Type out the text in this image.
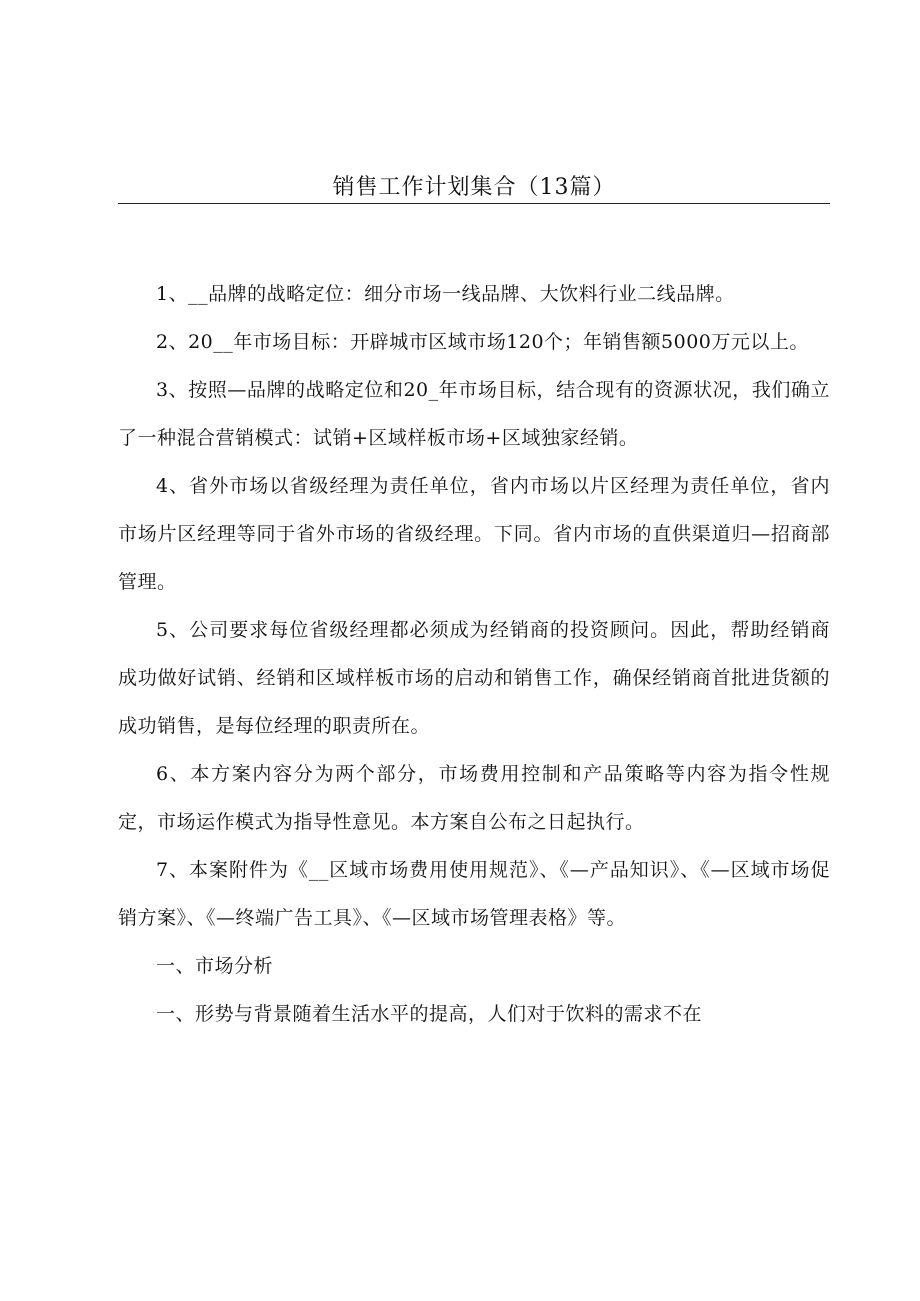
销售工作计划集合（13篇）

1、__品牌的战略定位：细分市场一线品牌、大饮料行业二线品牌。

2、20__年市场目标：开辟城市区域市场120个；年销售额5000万元以上。

3、按照—品牌的战略定位和20_年市场目标，结合现有的资源状况，我们确立了一种混合营销模式：试销+区域样板市场+区域独家经销。

4、省外市场以省级经理为责任单位，省内市场以片区经理为责任单位，省内市场片区经理等同于省外市场的省级经理。下同。省内市场的直供渠道归—招商部管理。

5、公司要求每位省级经理都必须成为经销商的投资顾问。因此，帮助经销商成功做好试销、经销和区域样板市场的启动和销售工作，确保经销商首批进货额的成功销售，是每位经理的职责所在。

6、本方案内容分为两个部分，市场费用控制和产品策略等内容为指令性规定，市场运作模式为指导性意见。本方案自公布之日起执行。

7、本案附件为《__区域市场费用使用规范》、《—产品知识》、《—区域市场促销方案》、《—终端广告工具》、《—区域市场管理表格》等。

一、市场分析

一、形势与背景随着生活水平的提高，人们对于饮料的需求不在
